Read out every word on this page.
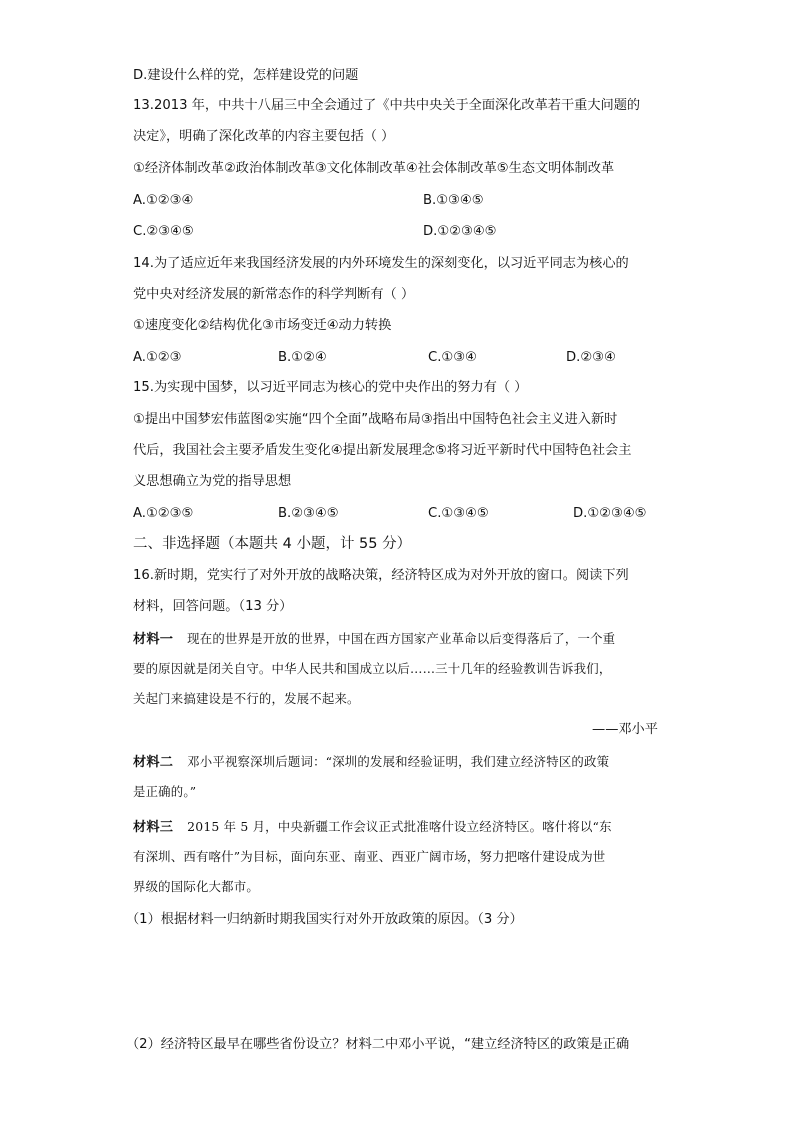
D.建设什么样的党，怎样建设党的问题
13.2013 年，中共十八届三中全会通过了《中共中央关于全面深化改革若干重大问题的
决定》，明确了深化改革的内容主要包括（ ）
①经济体制改革②政治体制改革③文化体制改革④社会体制改革⑤生态文明体制改革
A.①②③④	B.①③④⑤
C.②③④⑤	D.①②③④⑤
14.为了适应近年来我国经济发展的内外环境发生的深刻变化，以习近平同志为核心的
党中央对经济发展的新常态作的科学判断有（ ）
①速度变化②结构优化③市场变迁④动力转换
A.①②③	B.①②④	C.①③④	D.②③④
15.为实现中国梦，以习近平同志为核心的党中央作出的努力有（ ）
①提出中国梦宏伟蓝图②实施“四个全面”战略布局③指出中国特色社会主义进入新时
代后，我国社会主要矛盾发生变化④提出新发展理念⑤将习近平新时代中国特色社会主
义思想确立为党的指导思想
A.①②③⑤	B.②③④⑤	C.①③④⑤	D.①②③④⑤
二、非选择题（本题共 4 小题，计 55 分）
16.新时期，党实行了对外开放的战略决策，经济特区成为对外开放的窗口。阅读下列
材料，回答问题。（13 分）
材料一 现在的世界是开放的世界，中国在西方国家产业革命以后变得落后了，一个重
要的原因就是闭关自守。中华人民共和国成立以后……三十几年的经验教训告诉我们，
关起门来搞建设是不行的，发展不起来。
——邓小平
材料二 邓小平视察深圳后题词：“深圳的发展和经验证明，我们建立经济特区的政策
是正确的。”
材料三 2015 年 5 月，中央新疆工作会议正式批准喀什设立经济特区。喀什将以“东
有深圳、西有喀什”为目标，面向东亚、南亚、西亚广阔市场，努力把喀什建设成为世
界级的国际化大都市。
（1）根据材料一归纳新时期我国实行对外开放政策的原因。（3 分）
（2）经济特区最早在哪些省份设立？材料二中邓小平说，“建立经济特区的政策是正确
